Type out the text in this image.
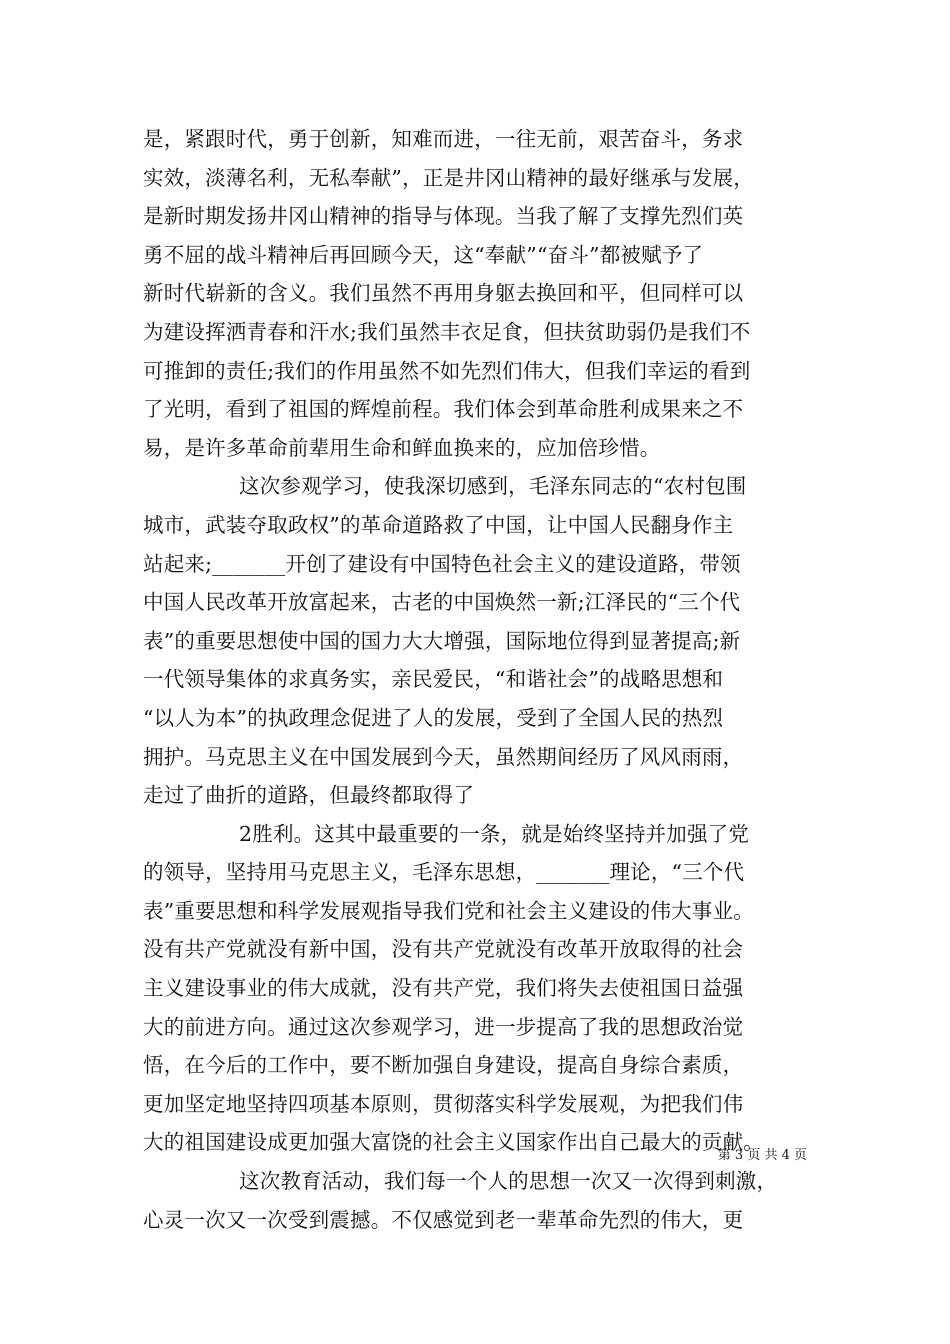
是，紧跟时代，勇于创新，知难而进，一往无前，艰苦奋斗，务求
实效，淡薄名利，无私奉献”，正是井冈山精神的最好继承与发展，
是新时期发扬井冈山精神的指导与体现。当我了解了支撑先烈们英
勇不屈的战斗精神后再回顾今天，这“奉献”“奋斗”都被赋予了
新时代崭新的含义。我们虽然不再用身躯去换回和平，但同样可以
为建设挥洒青春和汗水;我们虽然丰衣足食，但扶贫助弱仍是我们不
可推卸的责任;我们的作用虽然不如先烈们伟大，但我们幸运的看到
了光明，看到了祖国的辉煌前程。我们体会到革命胜利成果来之不
易，是许多革命前辈用生命和鲜血换来的，应加倍珍惜。
这次参观学习，使我深切感到，毛泽东同志的“农村包围
城市，武装夺取政权”的革命道路救了中国，让中国人民翻身作主
站起来;_______开创了建设有中国特色社会主义的建设道路，带领
中国人民改革开放富起来，古老的中国焕然一新;江泽民的“三个代
表”的重要思想使中国的国力大大增强，国际地位得到显著提高;新
一代领导集体的求真务实，亲民爱民，“和谐社会”的战略思想和
“以人为本”的执政理念促进了人的发展，受到了全国人民的热烈
拥护。马克思主义在中国发展到今天，虽然期间经历了风风雨雨，
走过了曲折的道路，但最终都取得了
2胜利。这其中最重要的一条，就是始终坚持并加强了党
的领导，坚持用马克思主义，毛泽东思想，_______理论，“三个代
表”重要思想和科学发展观指导我们党和社会主义建设的伟大事业。
没有共产党就没有新中国，没有共产党就没有改革开放取得的社会
主义建设事业的伟大成就，没有共产党，我们将失去使祖国日益强
大的前进方向。通过这次参观学习，进一步提高了我的思想政治觉
悟，在今后的工作中，要不断加强自身建设，提高自身综合素质，
更加坚定地坚持四项基本原则，贯彻落实科学发展观，为把我们伟
大的祖国建设成更加强大富饶的社会主义国家作出自己最大的贡献。
这次教育活动，我们每一个人的思想一次又一次得到刺激，
心灵一次又一次受到震撼。不仅感觉到老一辈革命先烈的伟大，更
第 3 页 共 4 页
